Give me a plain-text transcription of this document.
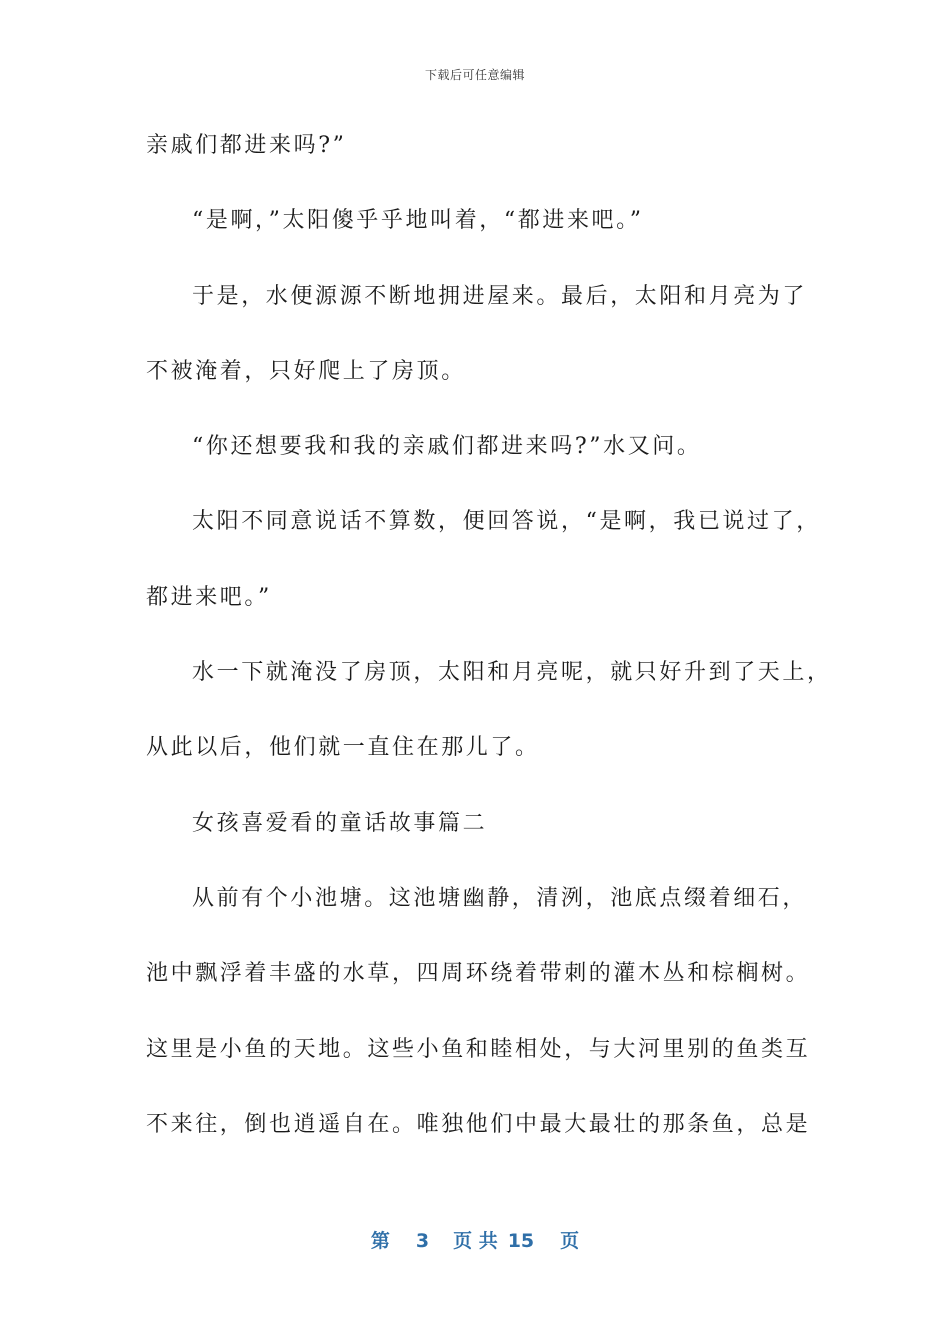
下载后可任意编辑
亲戚们都进来吗?”
“是啊，”太阳傻乎乎地叫着，“都进来吧。”
于是，水便源源不断地拥进屋来。最后，太阳和月亮为了
不被淹着，只好爬上了房顶。
“你还想要我和我的亲戚们都进来吗?”水又问。
太阳不同意说话不算数，便回答说，“是啊，我已说过了，
都进来吧。”
水一下就淹没了房顶，太阳和月亮呢，就只好升到了天上，
从此以后，他们就一直住在那儿了。
女孩喜爱看的童话故事篇二
从前有个小池塘。这池塘幽静，清洌，池底点缀着细石，
池中飘浮着丰盛的水草，四周环绕着带刺的灌木丛和棕榈树。
这里是小鱼的天地。这些小鱼和睦相处，与大河里别的鱼类互
不来往，倒也逍遥自在。唯独他们中最大最壮的那条鱼，总是
第 3 页 共 15 页
